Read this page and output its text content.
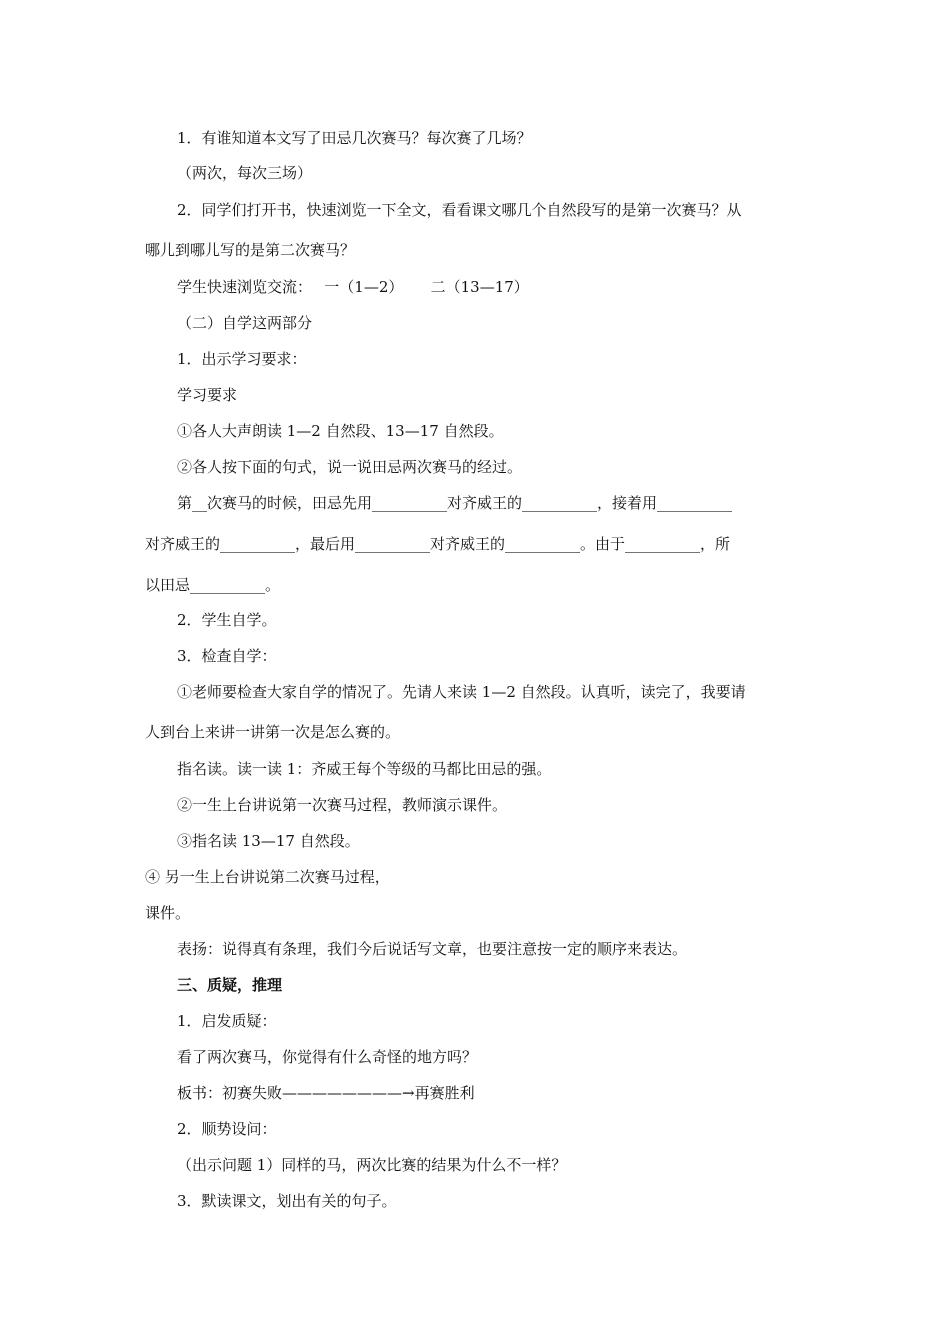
1．有谁知道本文写了田忌几次赛马？每次赛了几场？
（两次，每次三场）
2．同学们打开书，快速浏览一下全文，看看课文哪几个自然段写的是第一次赛马？从
哪儿到哪儿写的是第二次赛马？
学生快速浏览交流：　 一（1—2）　　 二（13—17）
（二）自学这两部分
1．出示学习要求：
学习要求
①各人大声朗读 1—2 自然段、13—17 自然段。
②各人按下面的句式，说一说田忌两次赛马的经过。
第__次赛马的时候，田忌先用__________对齐威王的__________，接着用__________
对齐威王的__________，最后用__________对齐威王的__________。由于__________，所
以田忌__________。
2．学生自学。
3．检查自学：
①老师要检查大家自学的情况了。先请人来读 1—2 自然段。认真听，读完了，我要请
人到台上来讲一讲第一次是怎么赛的。
指名读。读一读 1：齐威王每个等级的马都比田忌的强。
②一生上台讲说第一次赛马过程，教师演示课件。
③指名读 13—17 自然段。
④ 另一生上台讲说第二次赛马过程，
课件。
表扬：说得真有条理，我们今后说话写文章，也要注意按一定的顺序来表达。
三、质疑，推理
1．启发质疑：
看了两次赛马，你觉得有什么奇怪的地方吗？
板书：初赛失败————————→再赛胜利
2．顺势设问：
（出示问题 1）同样的马，两次比赛的结果为什么不一样？
3．默读课文，划出有关的句子。
